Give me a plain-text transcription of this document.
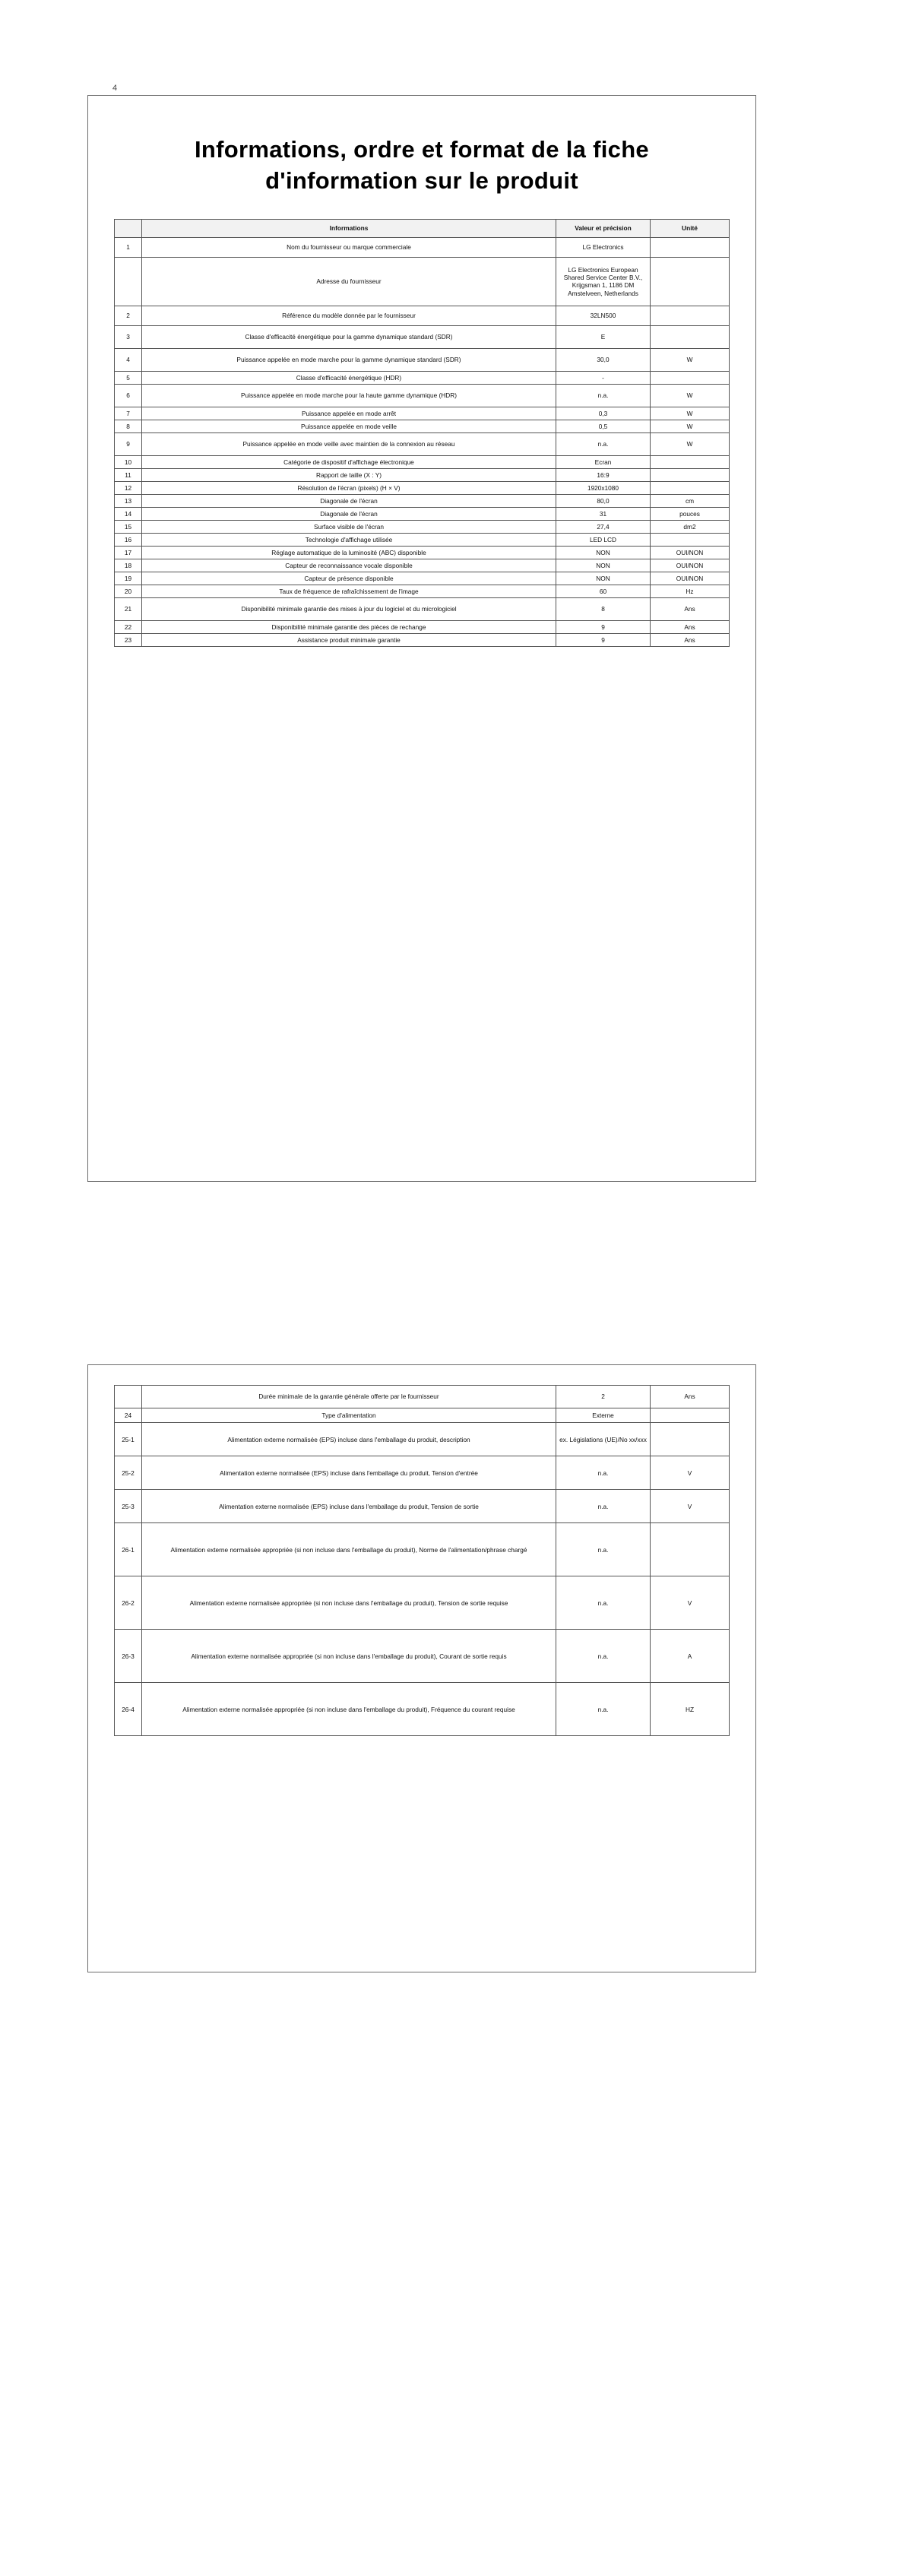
4
Informations, ordre et format de la fiche d'information sur le produit
	Informations	Valeur et précision	Unité
1	Nom du fournisseur ou marque commerciale	LG Electronics	
	Adresse du fournisseur	LG Electronics European Shared Service Center B.V., Krijgsman 1, 1186 DM Amstelveen, Netherlands	
2	Référence du modèle donnée par le fournisseur	32LN500	
3	Classe d'efficacité énergétique pour la gamme dynamique standard (SDR)	E	
4	Puissance appelée en mode marche pour la gamme dynamique standard (SDR)	30,0	W
5	Classe d'efficacité énergétique (HDR)	-	
6	Puissance appelée en mode marche pour la haute gamme dynamique (HDR)	n.a.	W
7	Puissance appelée en mode arrêt	0,3	W
8	Puissance appelée en mode veille	0,5	W
9	Puissance appelée en mode veille avec maintien de la connexion au réseau	n.a.	W
10	Catégorie de dispositif d'affichage électronique	Ecran	
11	Rapport de taille (X : Y)	16:9	
12	Résolution de l'écran (pixels) (H × V)	1920x1080	
13	Diagonale de l'écran	80,0	cm
14	Diagonale de l'écran	31	pouces
15	Surface visible de l'écran	27,4	dm2
16	Technologie d'affichage utilisée	LED LCD	
17	Réglage automatique de la luminosité (ABC) disponible	NON	OUI/NON
18	Capteur de reconnaissance vocale disponible	NON	OUI/NON
19	Capteur de présence disponible	NON	OUI/NON
20	Taux de fréquence de rafraîchissement de l'image	60	Hz
21	Disponibilité minimale garantie des mises à jour du logiciel et du micrologiciel	8	Ans
22	Disponibilité minimale garantie des pièces de rechange	9	Ans
23	Assistance produit minimale garantie	9	Ans
	Durée minimale de la garantie générale offerte par le fournisseur	2	Ans
24	Type d'alimentation	Externe	
25-1	Alimentation externe normalisée (EPS) incluse dans l'emballage du produit, description	ex. Législations (UE)/No xx/xxx	
25-2	Alimentation externe normalisée (EPS) incluse dans l'emballage du produit, Tension d'entrée	n.a.	V
25-3	Alimentation externe normalisée (EPS) incluse dans l'emballage du produit, Tension de sortie	n.a.	V
26-1	Alimentation externe normalisée appropriée (si non incluse dans l'emballage du produit), Norme de l'alimentation/phrase chargé	n.a.	
26-2	Alimentation externe normalisée appropriée (si non incluse dans l'emballage du produit), Tension de sortie requise	n.a.	V
26-3	Alimentation externe normalisée appropriée (si non incluse dans l'emballage du produit), Courant de sortie requis	n.a.	A
26-4	Alimentation externe normalisée appropriée (si non incluse dans l'emballage du produit), Fréquence du courant requise	n.a.	HZ
